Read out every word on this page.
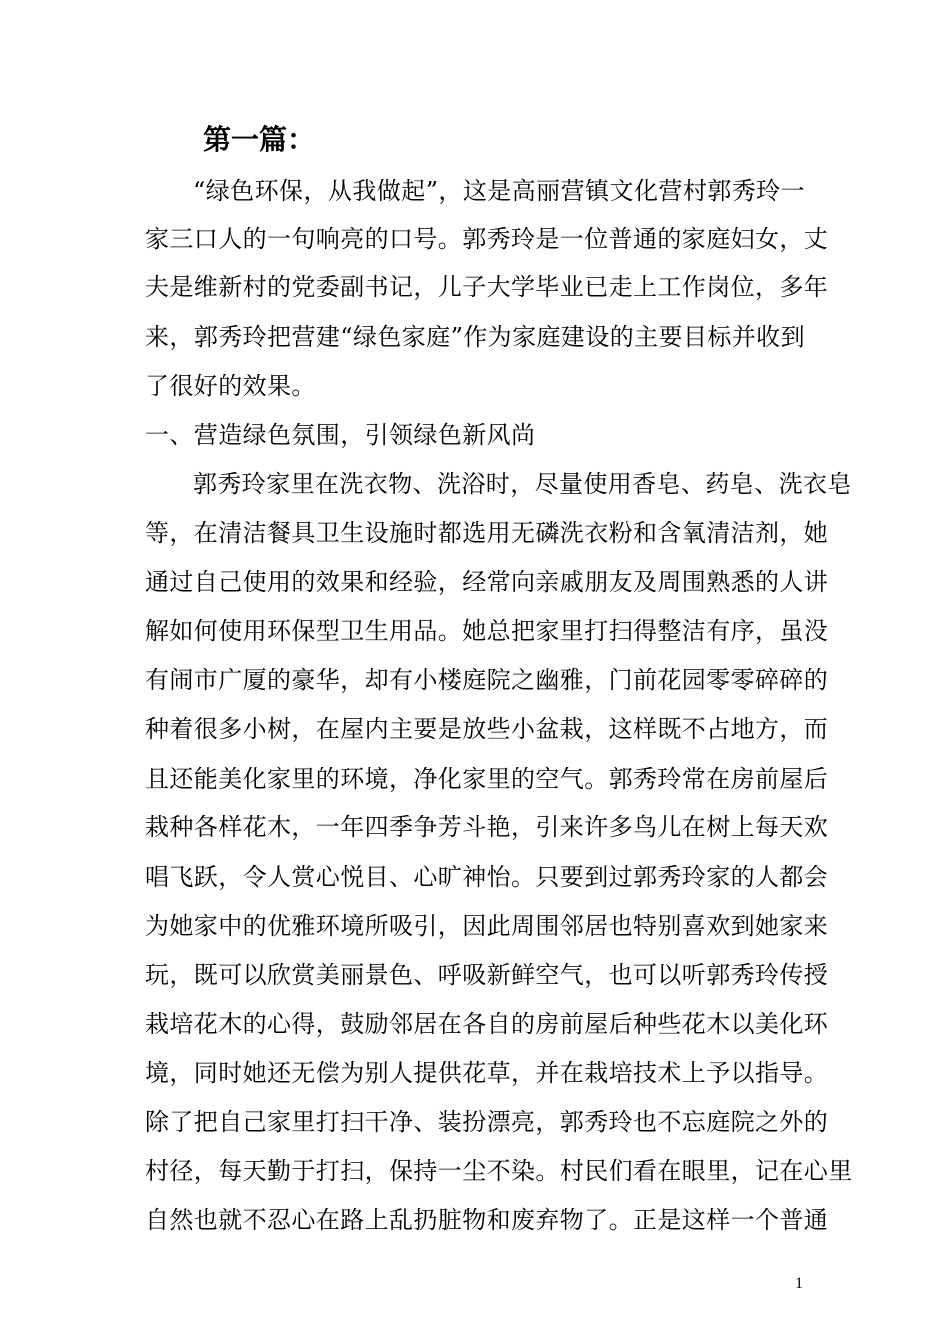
第一篇：
“绿色环保，从我做起”，这是高丽营镇文化营村郭秀玲一
家三口人的一句响亮的口号。郭秀玲是一位普通的家庭妇女，丈
夫是维新村的党委副书记，儿子大学毕业已走上工作岗位，多年
来，郭秀玲把营建“绿色家庭”作为家庭建设的主要目标并收到
了很好的效果。
一、营造绿色氛围，引领绿色新风尚
郭秀玲家里在洗衣物、洗浴时，尽量使用香皂、药皂、洗衣皂
等，在清洁餐具卫生设施时都选用无磷洗衣粉和含氧清洁剂，她
通过自己使用的效果和经验，经常向亲戚朋友及周围熟悉的人讲
解如何使用环保型卫生用品。她总把家里打扫得整洁有序，虽没
有闹市广厦的豪华，却有小楼庭院之幽雅，门前花园零零碎碎的
种着很多小树，在屋内主要是放些小盆栽，这样既不占地方，而
且还能美化家里的环境，净化家里的空气。郭秀玲常在房前屋后
栽种各样花木，一年四季争芳斗艳，引来许多鸟儿在树上每天欢
唱飞跃，令人赏心悦目、心旷神怡。只要到过郭秀玲家的人都会
为她家中的优雅环境所吸引，因此周围邻居也特别喜欢到她家来
玩，既可以欣赏美丽景色、呼吸新鲜空气，也可以听郭秀玲传授
栽培花木的心得，鼓励邻居在各自的房前屋后种些花木以美化环
境，同时她还无偿为别人提供花草，并在栽培技术上予以指导。
除了把自己家里打扫干净、装扮漂亮，郭秀玲也不忘庭院之外的
村径，每天勤于打扫，保持一尘不染。村民们看在眼里，记在心里
自然也就不忍心在路上乱扔脏物和废弃物了。正是这样一个普通
1
